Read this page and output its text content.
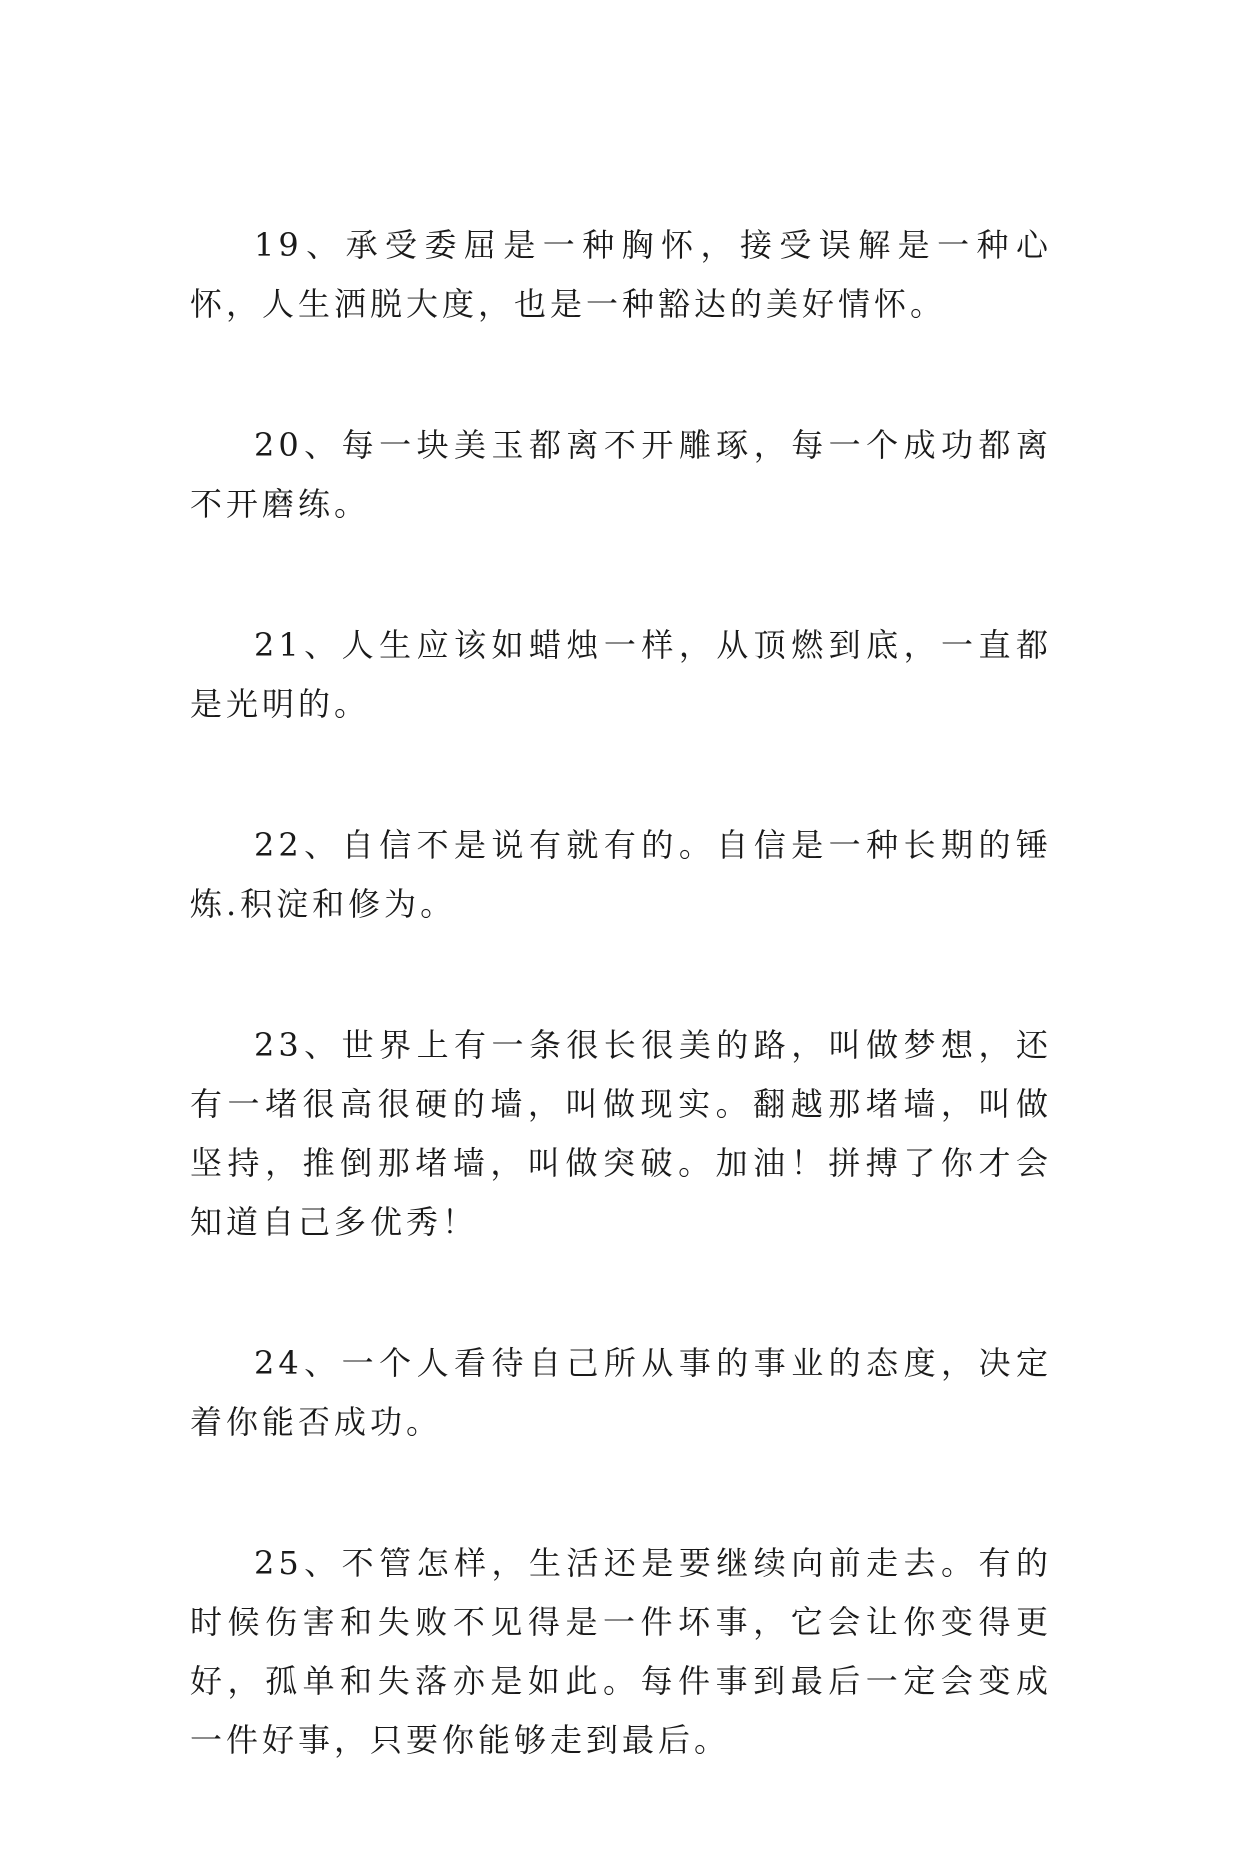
19、承受委屈是一种胸怀，接受误解是一种心怀，人生洒脱大度，也是一种豁达的美好情怀。

20、每一块美玉都离不开雕琢，每一个成功都离不开磨练。

21、人生应该如蜡烛一样，从顶燃到底，一直都是光明的。

22、自信不是说有就有的。自信是一种长期的锤炼.积淀和修为。

23、世界上有一条很长很美的路，叫做梦想，还有一堵很高很硬的墙，叫做现实。翻越那堵墙，叫做坚持，推倒那堵墙，叫做突破。加油！拼搏了你才会知道自己多优秀！

24、一个人看待自己所从事的事业的态度，决定着你能否成功。

25、不管怎样，生活还是要继续向前走去。有的时候伤害和失败不见得是一件坏事，它会让你变得更好，孤单和失落亦是如此。每件事到最后一定会变成一件好事，只要你能够走到最后。
